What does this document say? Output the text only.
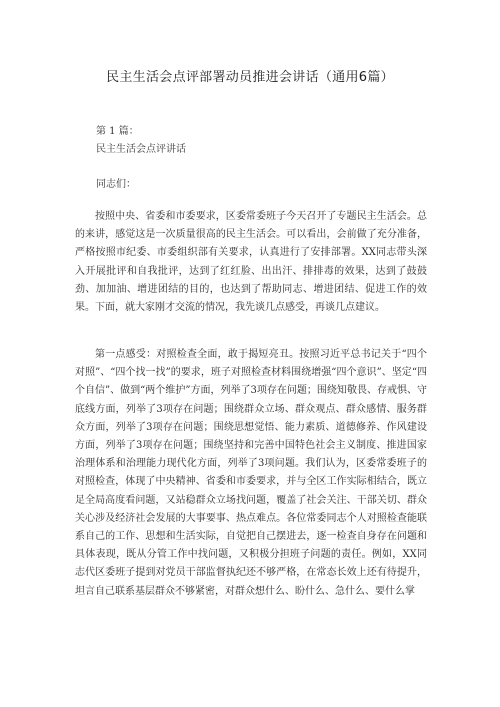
民主生活会点评部署动员推进会讲话（通用6篇）
第 1 篇：
民主生活会点评讲话
同志们：

按照中央、省委和市委要求，区委常委班子今天召开了专题民主生活会。总的来讲，感觉这是一次质量很高的民主生活会。可以看出，会前做了充分准备，严格按照市纪委、市委组织部有关要求，认真进行了安排部署。XX同志带头深入开展批评和自我批评，达到了红红脸、出出汗、排排毒的效果，达到了鼓鼓劲、加加油、增进团结的目的，也达到了帮助同志、增进团结、促进工作的效果。下面，就大家刚才交流的情况，我先谈几点感受，再谈几点建议。

第一点感受：对照检查全面，敢于揭短亮丑。按照习近平总书记关于“四个对照”、“四个找一找”的要求，班子对照检查材料围绕增强“四个意识”、坚定“四个自信”、做到“两个维护”方面，列举了3项存在问题；围绕知敬畏、存戒惧、守底线方面，列举了3项存在问题；围绕群众立场、群众观点、群众感情、服务群众方面，列举了3项存在问题；围绕思想觉悟、能力素质、道德修养、作风建设方面，列举了3项存在问题；围绕坚持和完善中国特色社会主义制度、推进国家治理体系和治理能力现代化方面，列举了3项问题。我们认为，区委常委班子的对照检查，体现了中央精神、省委和市委要求，并与全区工作实际相结合，既立足全局高度看问题，又站稳群众立场找问题，覆盖了社会关注、干部关切、群众关心涉及经济社会发展的大事要事、热点难点。各位常委同志个人对照检查能联系自己的工作、思想和生活实际，自觉把自己摆进去，逐一检查自身存在问题和具体表现，既从分管工作中找问题，又积极分担班子问题的责任。例如，XX同志代区委班子提到对党员干部监督执纪还不够严格，在常态长效上还有待提升，坦言自己联系基层群众不够紧密，对群众想什么、盼什么、急什么、要什么掌
